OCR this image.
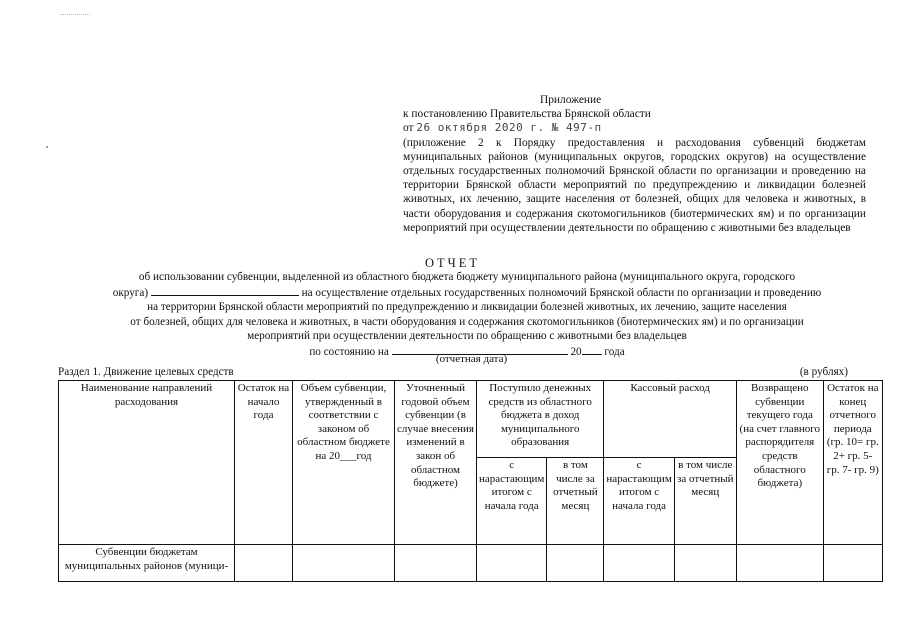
Приложение
к постановлению Правительства Брянской области
от 26 октября 2020 г. № 497-п
(приложение 2 к Порядку предоставления и расходования субвенций бюджетам муниципальных районов (муниципальных округов, городских округов) на осуществление отдельных государственных полномочий Брянской области по организации и проведению на территории Брянской области мероприятий по предупреждению и ликвидации болезней животных, их лечению, защите населения от болезней, общих для человека и животных, в части оборудования и содержания скотомогильников (биотермических ям) и по организации мероприятий при осуществлении деятельности по обращению с животными без владельцев
ОТЧЕТ
об использовании субвенции, выделенной из областного бюджета бюджету муниципального района (муниципального округа, городского
округа)	на осуществление отдельных государственных полномочий Брянской области по организации и проведению
на территории Брянской области мероприятий по предупреждению и ликвидации болезней животных, их лечению, защите населения
от болезней, общих для человека и животных, в части оборудования и содержания скотомогильников (биотермических ям) и по организации
мероприятий при осуществлении деятельности по обращению с животными без владельцев
по состоянию на	20 года
(отчетная дата)
Раздел 1. Движение целевых средств	(в рублях)
Наименование направлений расходования	Остаток на начало года	Объем субвенции, утвержденный в соответствии с законом об областном бюджете на 20___год	Уточненный годовой объем субвенции (в случае внесения изменений в закон об областном бюджете)	Поступило денежных средств из областного бюджета в доход муниципального образования		Кассовый расход		Возвращено субвенции текущего года (на счет главного распорядителя средств областного бюджета)	Остаток на конец отчетного периода (гр. 10= гр. 2+ гр. 5- гр. 7- гр. 9)
				с нарастающим итогом с начала года	в том числе за отчетный месяц	с нарастающим итогом с начала года	в том числе за отчетный месяц		
Субвенции бюджетам муниципальных районов (муници-									
